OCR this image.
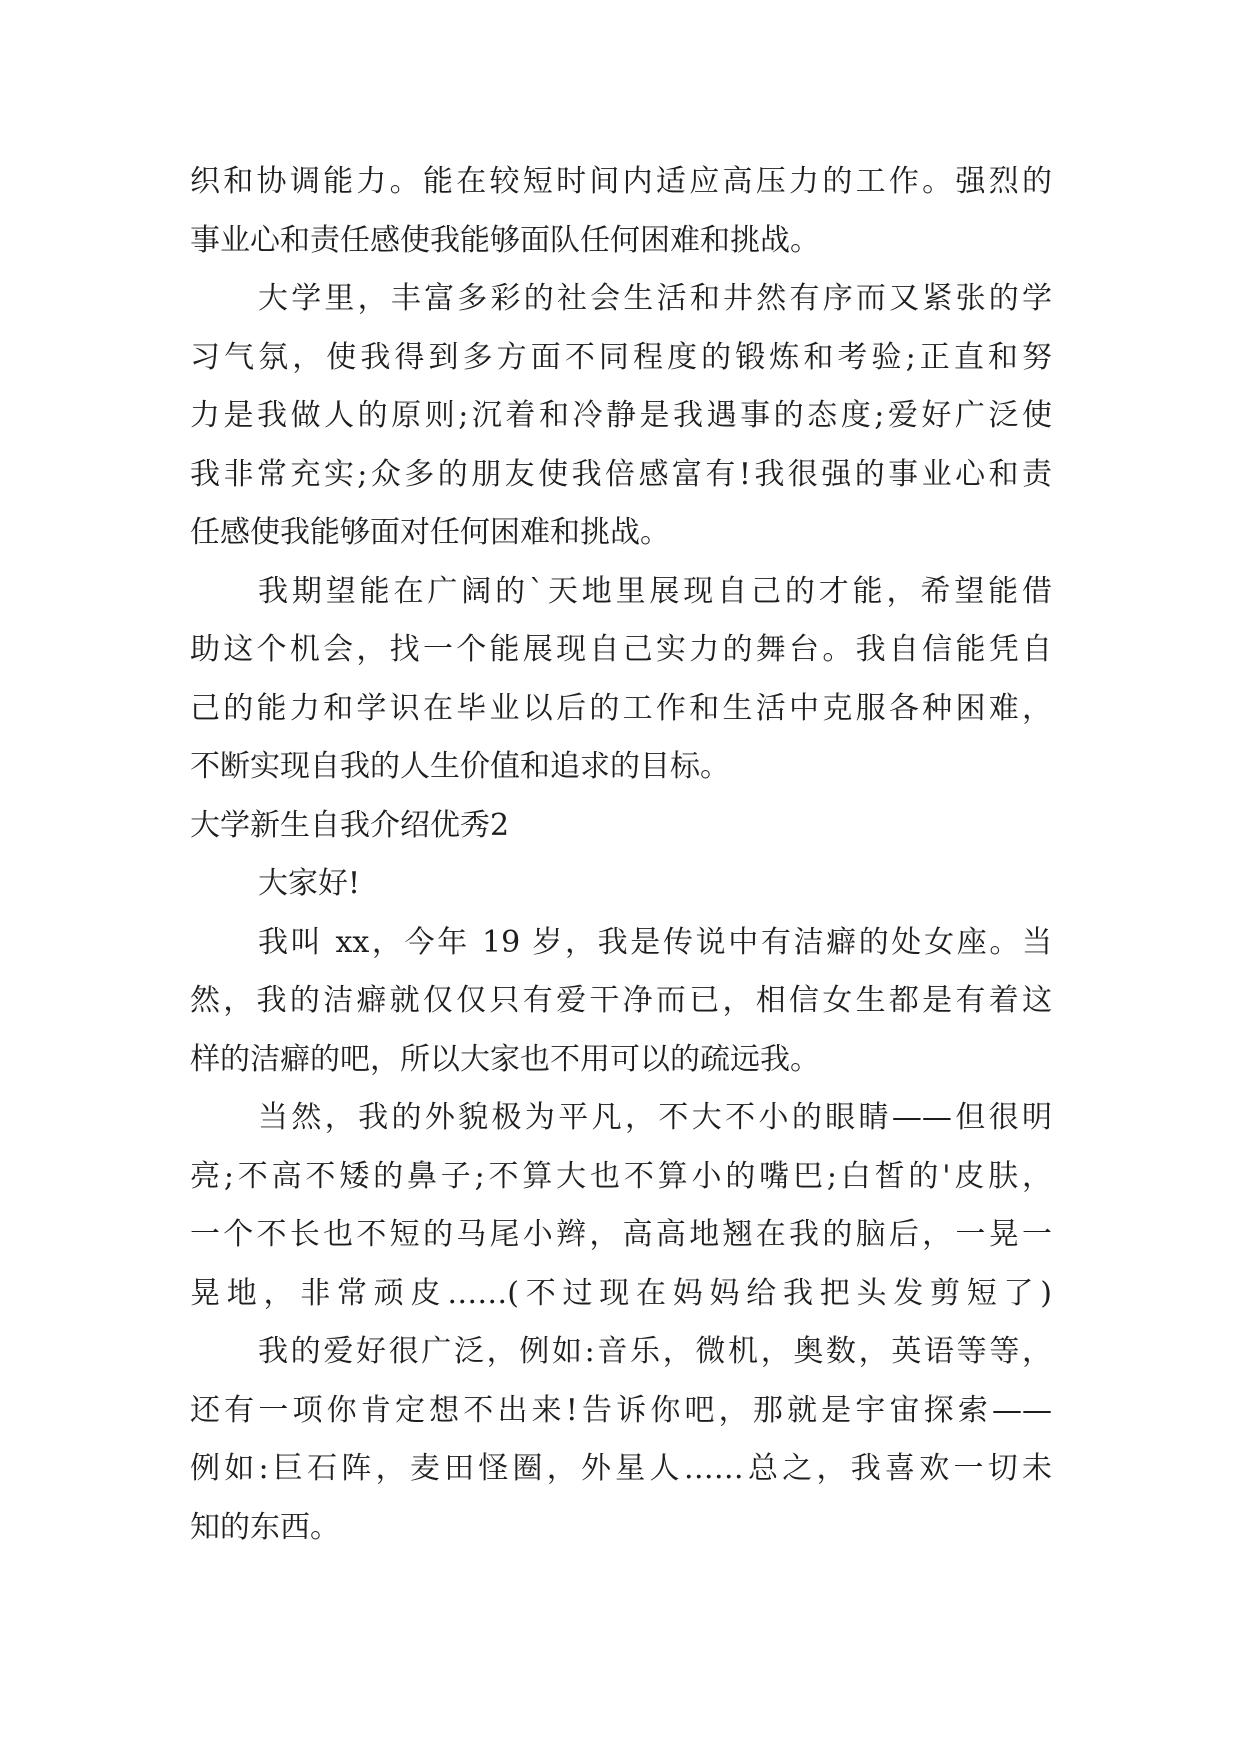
织和协调能力。能在较短时间内适应高压力的工作。强烈的
事业心和责任感使我能够面队任何困难和挑战。
大学里，丰富多彩的社会生活和井然有序而又紧张的学
习气氛，使我得到多方面不同程度的锻炼和考验;正直和努
力是我做人的原则;沉着和冷静是我遇事的态度;爱好广泛使
我非常充实;众多的朋友使我倍感富有!我很强的事业心和责
任感使我能够面对任何困难和挑战。
我期望能在广阔的`天地里展现自己的才能，希望能借
助这个机会，找一个能展现自己实力的舞台。我自信能凭自
己的能力和学识在毕业以后的工作和生活中克服各种困难，
不断实现自我的人生价值和追求的目标。
大学新生自我介绍优秀2
大家好!
我叫 xx，今年 19 岁，我是传说中有洁癖的处女座。当
然，我的洁癖就仅仅只有爱干净而已，相信女生都是有着这
样的洁癖的吧，所以大家也不用可以的疏远我。
当然，我的外貌极为平凡，不大不小的眼睛——但很明
亮;不高不矮的鼻子;不算大也不算小的嘴巴;白皙的'皮肤，
一个不长也不短的马尾小辫，高高地翘在我的脑后，一晃一
晃地，非常顽皮……(不过现在妈妈给我把头发剪短了)
我的爱好很广泛，例如:音乐，微机，奥数，英语等等，
还有一项你肯定想不出来!告诉你吧，那就是宇宙探索——
例如:巨石阵，麦田怪圈，外星人……总之，我喜欢一切未
知的东西。
